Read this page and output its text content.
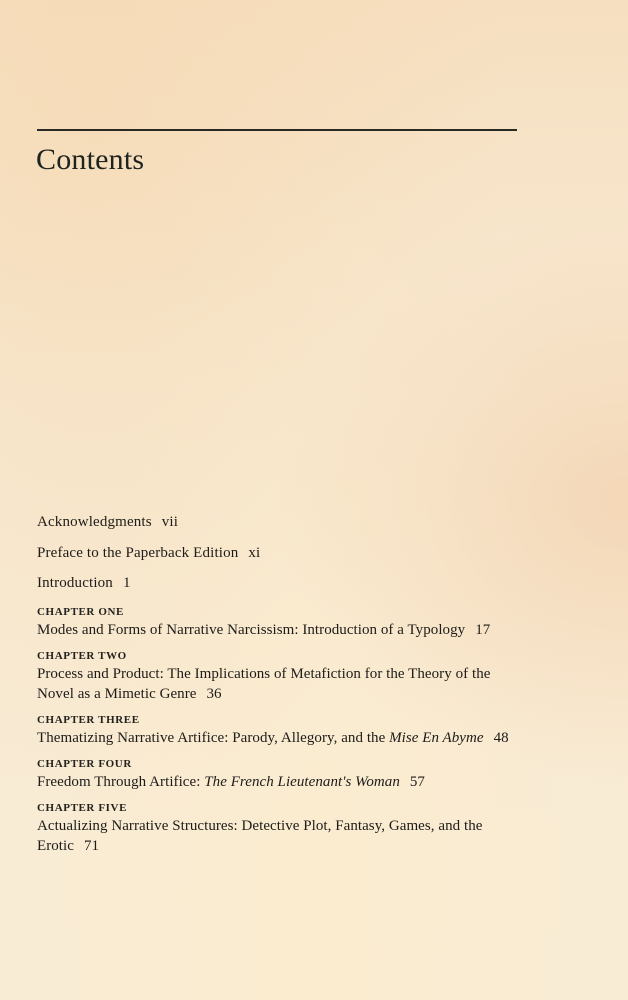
Contents
Acknowledgments vii
Preface to the Paperback Edition xi
Introduction 1
CHAPTER ONE
Modes and Forms of Narrative Narcissism: Introduction of a Typology 17
CHAPTER TWO
Process and Product: The Implications of Metafiction for the Theory of the Novel as a Mimetic Genre 36
CHAPTER THREE
Thematizing Narrative Artifice: Parody, Allegory, and the Mise En Abyme 48
CHAPTER FOUR
Freedom Through Artifice: The French Lieutenant's Woman 57
CHAPTER FIVE
Actualizing Narrative Structures: Detective Plot, Fantasy, Games, and the Erotic 71
